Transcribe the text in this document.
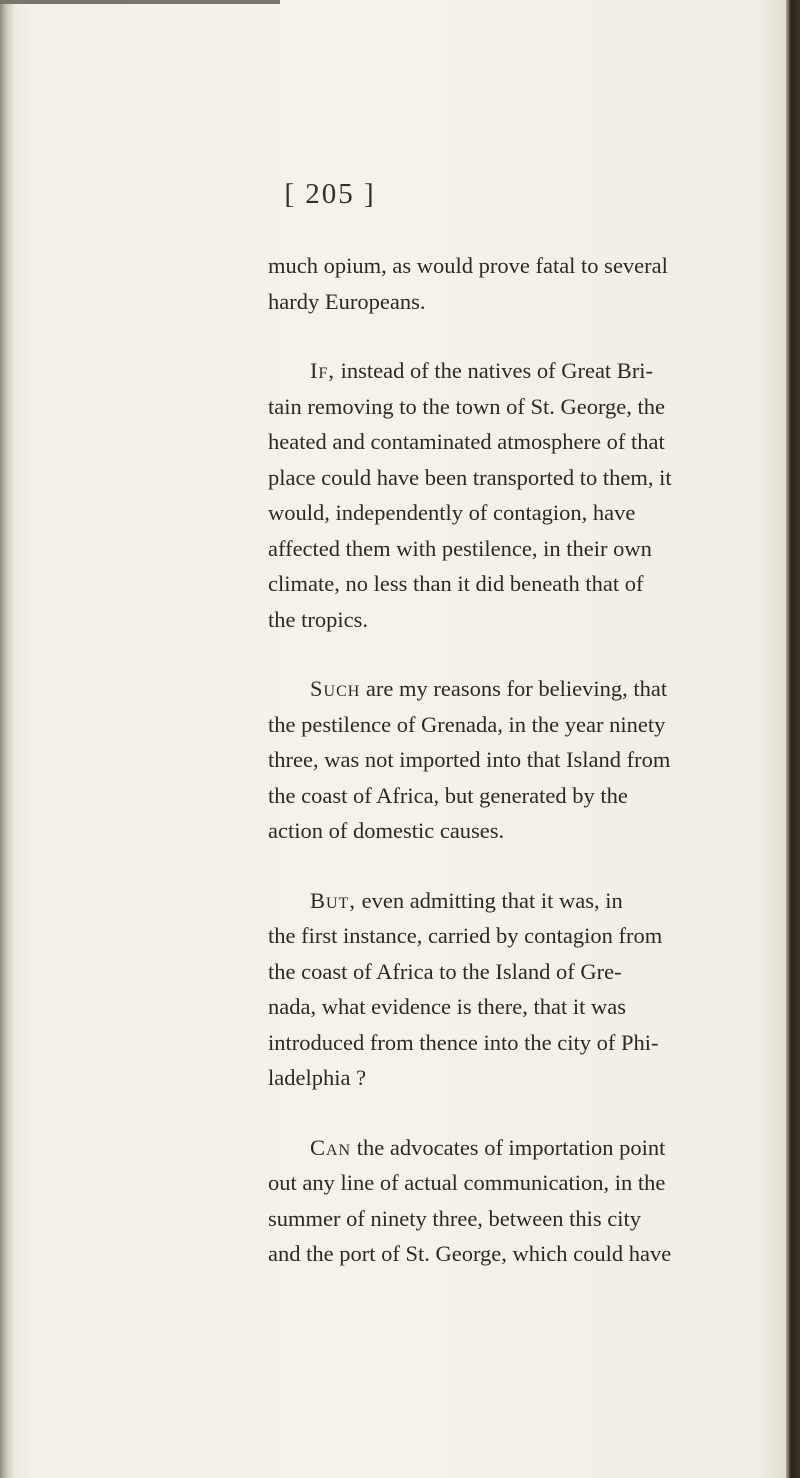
[ 205 ]
much opium, as would prove fatal to several
hardy Europeans.
If, instead of the natives of Great Bri-
tain removing to the town of St. George, the
heated and contaminated atmosphere of that
place could have been transported to them, it
would, independently of contagion, have
affected them with pestilence, in their own
climate, no less than it did beneath that of
the tropics.
Such are my reasons for believing, that
the pestilence of Grenada, in the year ninety
three, was not imported into that Island from
the coast of Africa, but generated by the
action of domestic causes.
But, even admitting that it was, in
the first instance, carried by contagion from
the coast of Africa to the Island of Gre-
nada, what evidence is there, that it was
introduced from thence into the city of Phi-
ladelphia ?
Can the advocates of importation point
out any line of actual communication, in the
summer of ninety three, between this city
and the port of St. George, which could have
